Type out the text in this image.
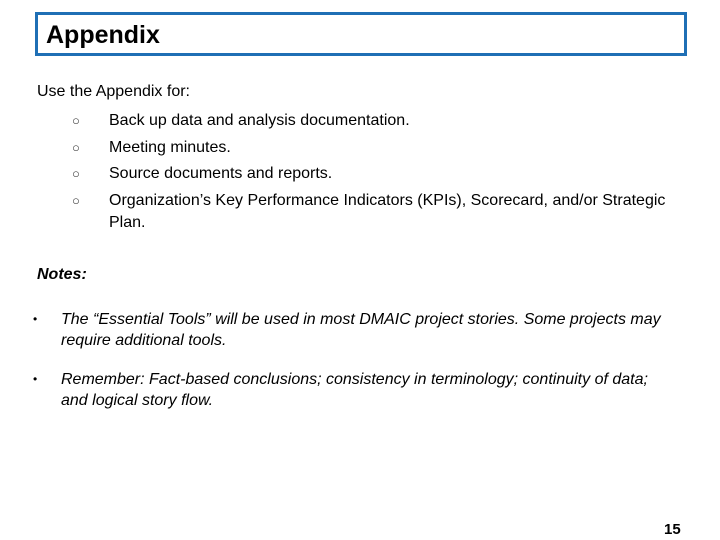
Appendix
Use the Appendix for:
○ Back up data and analysis documentation.
○ Meeting minutes.
○ Source documents and reports.
○ Organization’s Key Performance Indicators (KPIs), Scorecard, and/or Strategic Plan.
Notes:
• The “Essential Tools” will be used in most DMAIC project stories. Some projects may require additional tools.
• Remember: Fact-based conclusions; consistency in terminology; continuity of data; and logical story flow.
15
